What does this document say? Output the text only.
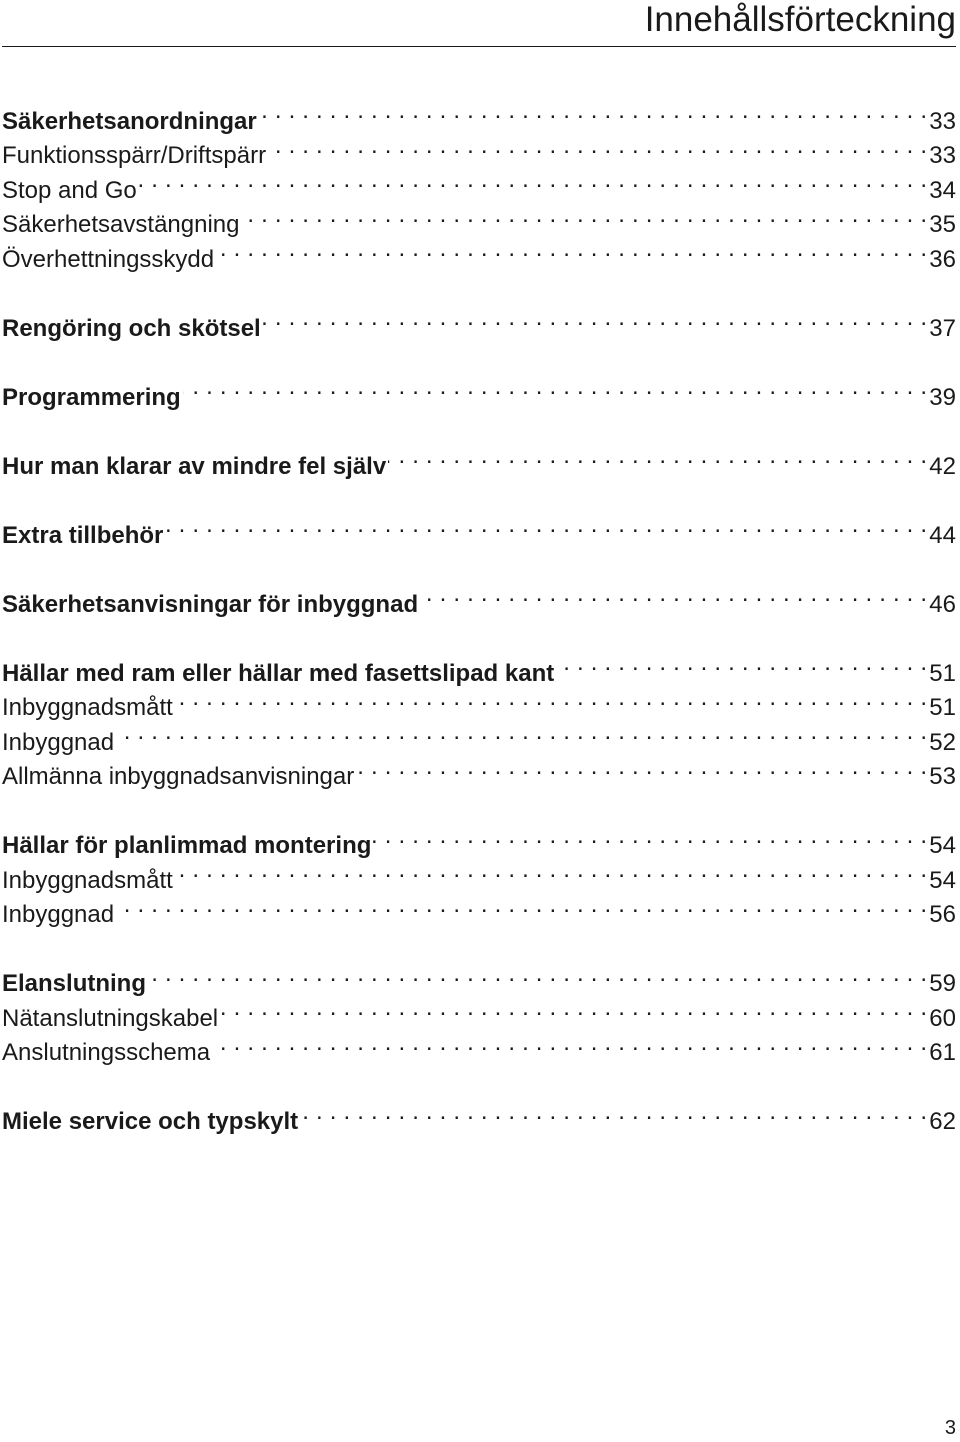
Innehållsförteckning
Säkerhetsanordningar . . .	33
Funktionsspärr/Driftspärr . . .	33
Stop and Go . . .	34
Säkerhetsavstängning . . .	35
Överhettningsskydd . . .	36
Rengöring och skötsel . . .	37
Programmering . . .	39
Hur man klarar av mindre fel själv . . .	42
Extra tillbehör . . .	44
Säkerhetsanvisningar för inbyggnad . . .	46
Hällar med ram eller hällar med fasettslipad kant . . .	51
Inbyggnadsmått . . .	51
Inbyggnad . . .	52
Allmänna inbyggnadsanvisningar . . .	53
Hällar för planlimmad montering . . .	54
Inbyggnadsmått . . .	54
Inbyggnad . . .	56
Elanslutning . . .	59
Nätanslutningskabel . . .	60
Anslutningsschema . . .	61
Miele service och typskylt . . .	62
3
